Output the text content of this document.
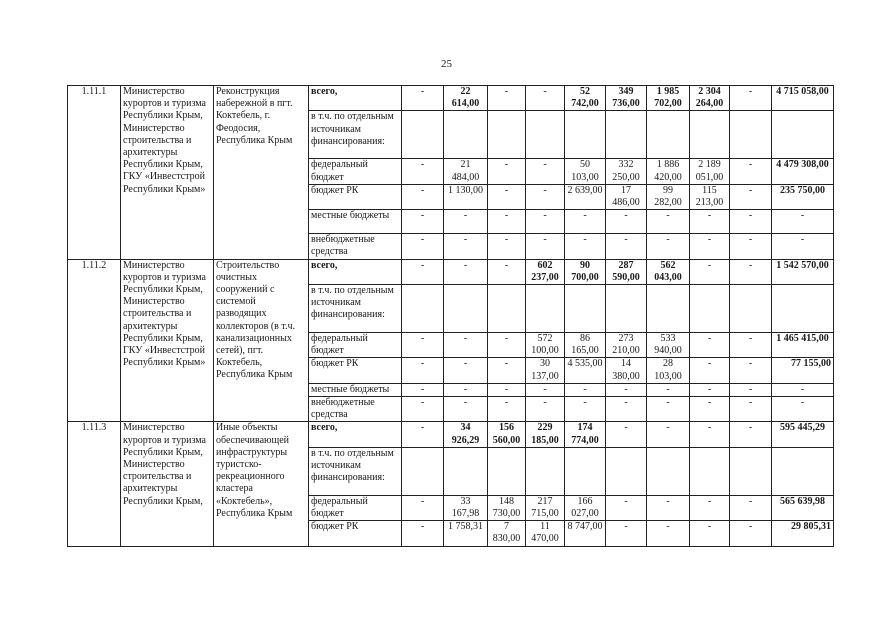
25
1.11.1	Министерство курортов и туризма Республики Крым, Министерство строительства и архитектуры Республики Крым, ГКУ «Инвестстрой Республики Крым»	Реконструкция набережной в пгт. Коктебель, г. Феодосия, Республика Крым	всего,	-	22 614,00	-	-	52 742,00	349 736,00	1 985 702,00	2 304 264,00	-	4 715 058,00
			в т.ч. по отдельным источникам финансирования:										
			федеральный бюджет	-	21 484,00	-	-	50 103,00	332 250,00	1 886 420,00	2 189 051,00	-	4 479 308,00
			бюджет РК	-	1 130,00	-	-	2 639,00	17 486,00	99 282,00	115 213,00	-	235 750,00
			местные бюджеты	-	-	-	-	-	-	-	-	-	-
			внебюджетные средства	-	-	-	-	-	-	-	-	-	-
1.11.2	Министерство курортов и туризма Республики Крым, Министерство строительства и архитектуры Республики Крым, ГКУ «Инвестстрой Республики Крым»	Строительство очистных сооружений с системой разводящих коллекторов (в т.ч. канализационных сетей), пгт. Коктебель, Республика Крым	всего,	-	-	-	602 237,00	90 700,00	287 590,00	562 043,00	-	-	1 542 570,00
			в т.ч. по отдельным источникам финансирования:										
			федеральный бюджет	-	-	-	572 100,00	86 165,00	273 210,00	533 940,00	-	-	1 465 415,00
			бюджет РК	-	-	-	30 137,00	4 535,00	14 380,00	28 103,00	-	-	77 155,00
			местные бюджеты	-	-	-	-	-	-	-	-	-	-
			внебюджетные средства	-	-	-	-	-	-	-	-	-	-
1.11.3	Министерство курортов и туризма Республики Крым, Министерство строительства и архитектуры Республики Крым,	Иные объекты обеспечивающей инфраструктуры туристско-рекреационного кластера «Коктебель», Республика Крым	всего,	-	34 926,29	156 560,00	229 185,00	174 774,00	-	-	-	-	595 445,29
			в т.ч. по отдельным источникам финансирования:										
			федеральный бюджет	-	33 167,98	148 730,00	217 715,00	166 027,00	-	-	-	-	565 639,98
			бюджет РК	-	1 758,31	7 830,00	11 470,00	8 747,00	-	-	-	-	29 805,31
